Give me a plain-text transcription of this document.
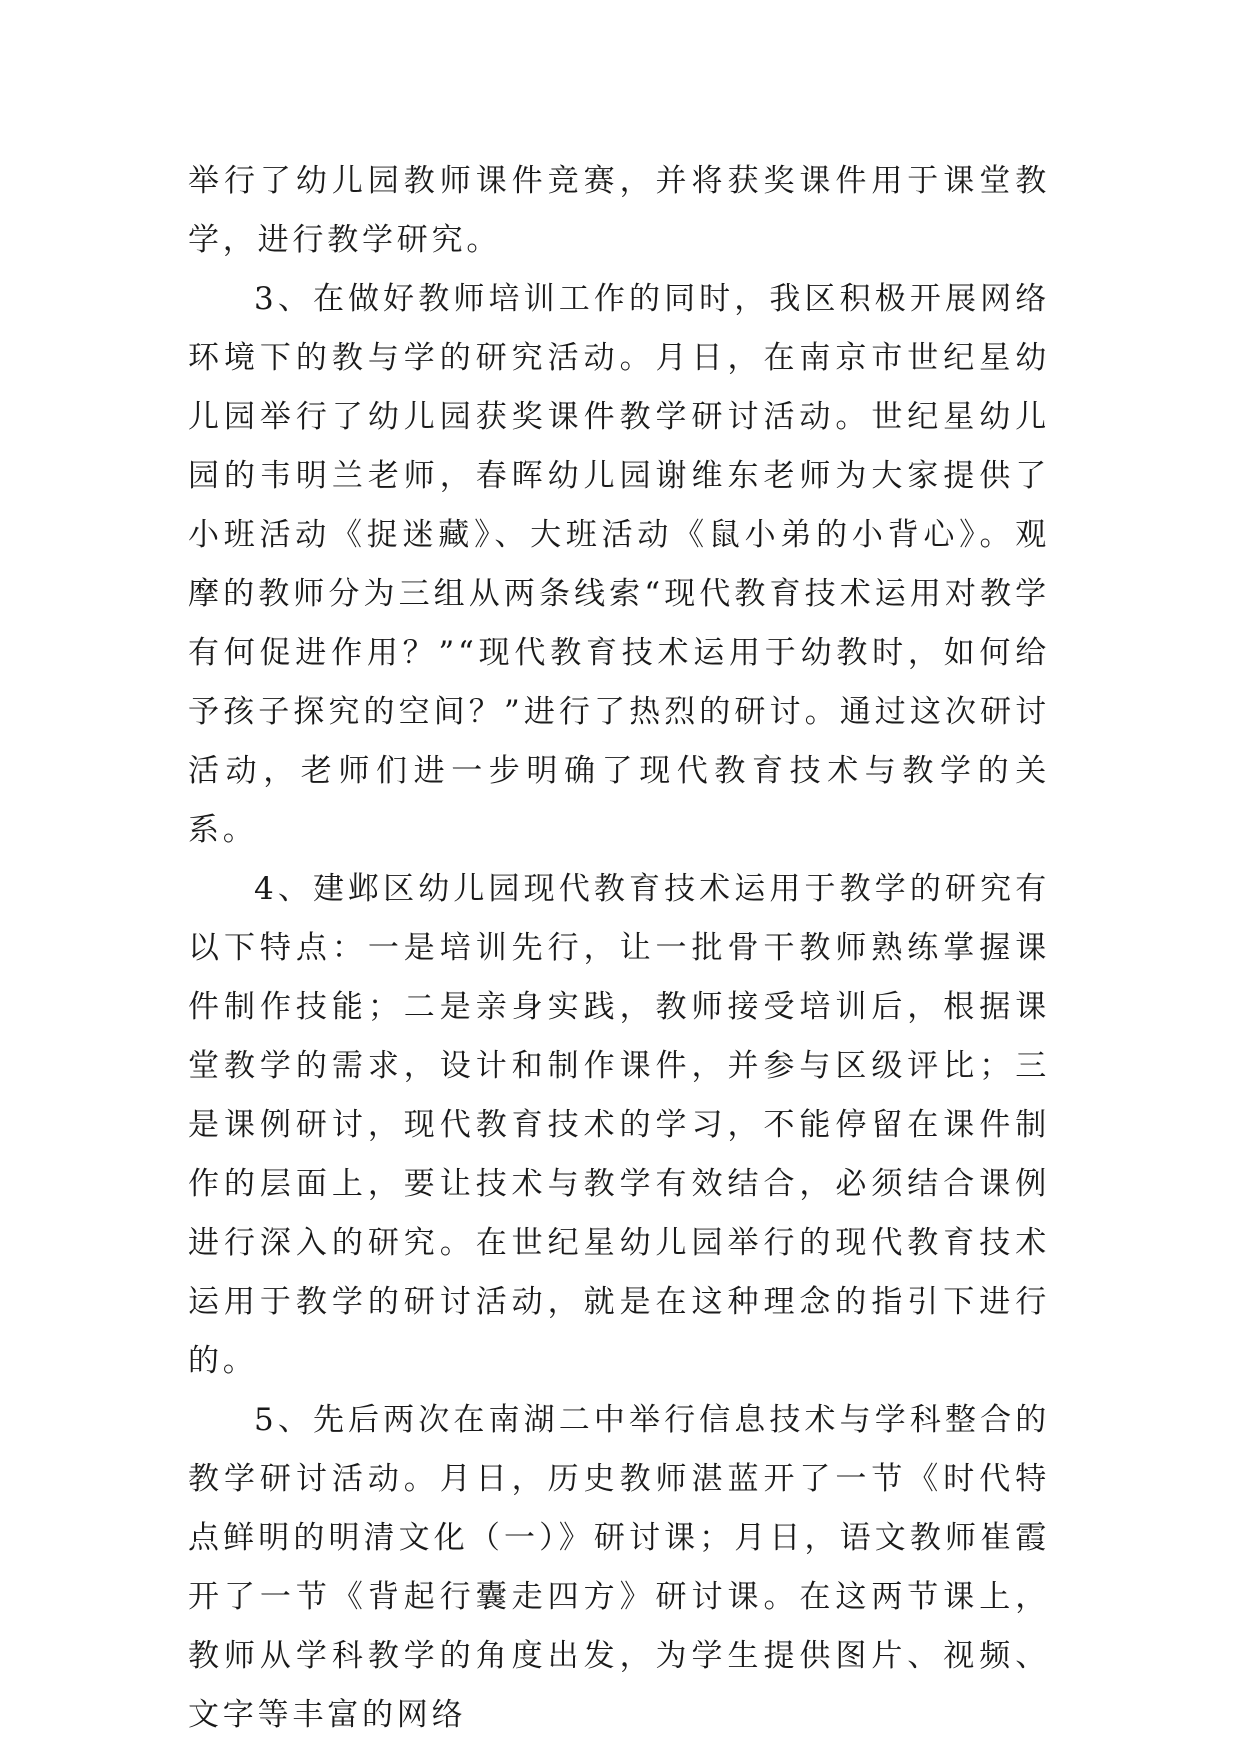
举行了幼儿园教师课件竞赛，并将获奖课件用于课堂教学，进行教学研究。

3、在做好教师培训工作的同时，我区积极开展网络环境下的教与学的研究活动。月日，在南京市世纪星幼儿园举行了幼儿园获奖课件教学研讨活动。世纪星幼儿园的韦明兰老师，春晖幼儿园谢维东老师为大家提供了小班活动《捉迷藏》、大班活动《鼠小弟的小背心》。观摩的教师分为三组从两条线索“现代教育技术运用对教学有何促进作用？”“现代教育技术运用于幼教时，如何给予孩子探究的空间？”进行了热烈的研讨。通过这次研讨活动，老师们进一步明确了现代教育技术与教学的关系。

4、建邺区幼儿园现代教育技术运用于教学的研究有以下特点：一是培训先行，让一批骨干教师熟练掌握课件制作技能；二是亲身实践，教师接受培训后，根据课堂教学的需求，设计和制作课件，并参与区级评比；三是课例研讨，现代教育技术的学习，不能停留在课件制作的层面上，要让技术与教学有效结合，必须结合课例进行深入的研究。在世纪星幼儿园举行的现代教育技术运用于教学的研讨活动，就是在这种理念的指引下进行的。

5、先后两次在南湖二中举行信息技术与学科整合的教学研讨活动。月日，历史教师湛蓝开了一节《时代特点鲜明的明清文化（一）》研讨课；月日，语文教师崔霞开了一节《背起行囊走四方》研讨课。在这两节课上，教师从学科教学的角度出发，为学生提供图片、视频、文字等丰富的网络
